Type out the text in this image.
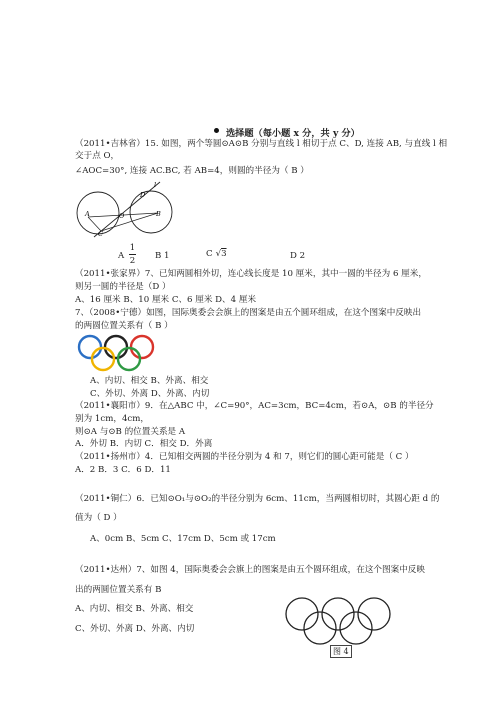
选择题（每小题 x 分，共 y 分）
（2011•吉林省）15. 如图，两个等圆⊙A⊙B 分别与直线 l 相切于点 C、D, 连接 AB, 与直线 l 相
交于点 O，
∠AOC=30°, 连接 AC.BC, 若 AB=4，则圆的半径为（ B ）
l
D
A	O	B
C
A
1
2 B 1	C √3	D 2
（2011•张家界）7、已知两圆相外切，连心线长度是 10 厘米，其中一圆的半径为 6 厘米，
则另一圆的半径是（D ）
A、16 厘米 B、10 厘米 C、6 厘米 D、4 厘米
7、（2008•宁德）如图，国际奥委会会旗上的图案是由五个圆环组成，在这个图案中反映出
的两圆位置关系有（ B ）
A、内切、相交 B、外离、相交
C、外切、外离 D、外离、内切
（2011•襄阳市）9．在△ABC 中，∠C=90°，AC=3cm，BC=4cm，若⊙A，⊙B 的半径分
别为 1cm，4cm，
则⊙A 与⊙B 的位置关系是 A
A．外切 B．内切 C．相交 D．外离
（2011•扬州市）4．已知相交两圆的半径分别为 4 和 7，则它们的圆心距可能是（ C ）
A．2 B．3 C．6 D．11
（2011•铜仁）6．已知⊙O₁与⊙O₂的半径分别为 6cm、11cm，当两圆相切时，其圆心距 d 的
值为（ D ）
A、0cm B、5cm C、17cm D、5cm 或 17cm
（2011•达州）7、如图 4，国际奥委会会旗上的图案是由五个圆环组成，在这个图案中反映
出的两圆位置关系有 B
A、内切、相交 B、外离、相交
C、外切、外离 D、外离、内切
图 4
